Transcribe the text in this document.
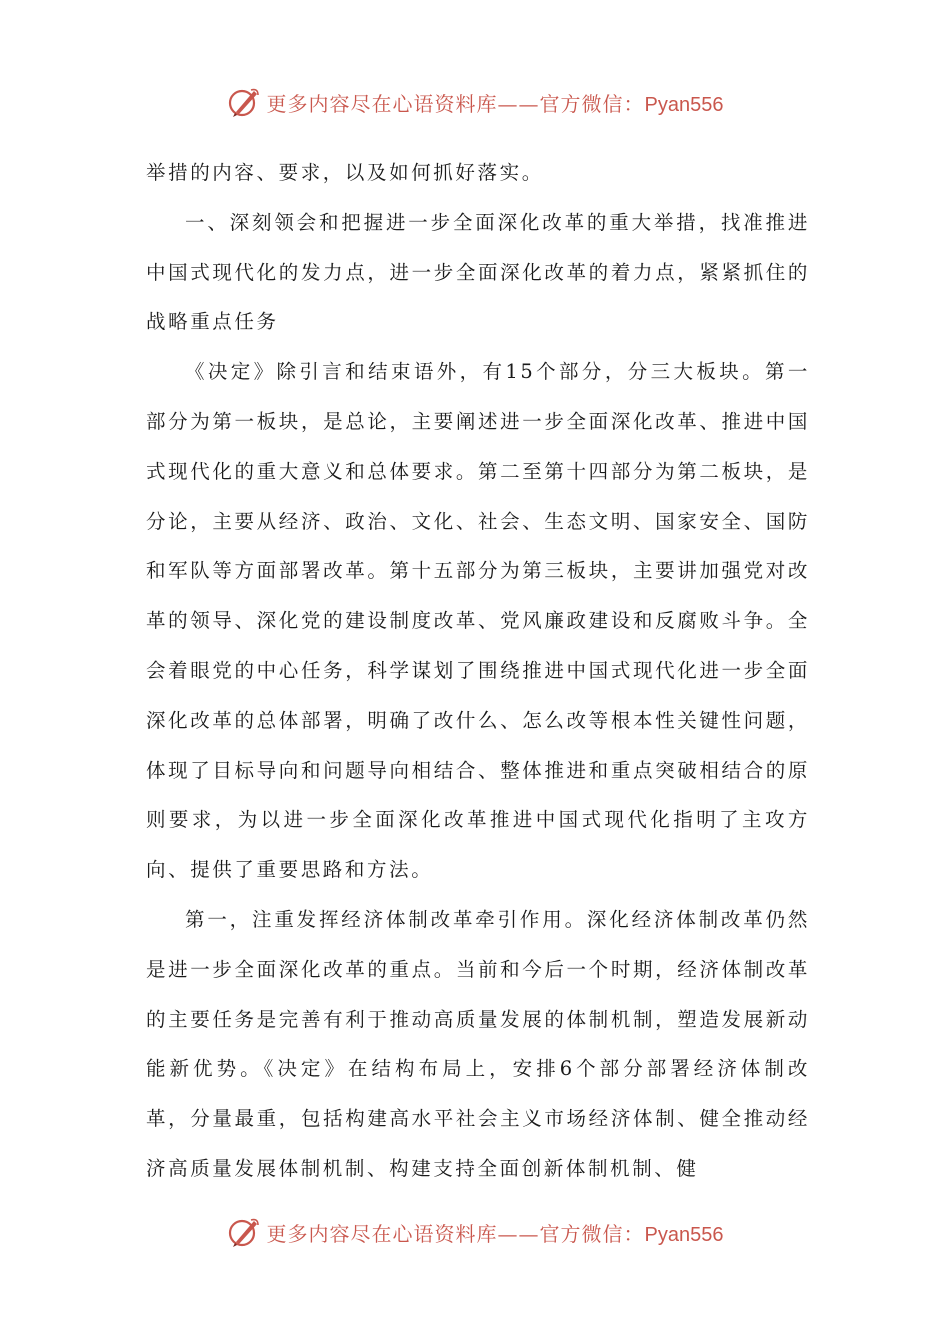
更多内容尽在心语资料库——官方微信：Pyan556

举措的内容、要求，以及如何抓好落实。

一、深刻领会和把握进一步全面深化改革的重大举措，找准推进中国式现代化的发力点，进一步全面深化改革的着力点，紧紧抓住的战略重点任务

《决定》除引言和结束语外，有15个部分，分三大板块。第一部分为第一板块，是总论，主要阐述进一步全面深化改革、推进中国式现代化的重大意义和总体要求。第二至第十四部分为第二板块，是分论，主要从经济、政治、文化、社会、生态文明、国家安全、国防和军队等方面部署改革。第十五部分为第三板块，主要讲加强党对改革的领导、深化党的建设制度改革、党风廉政建设和反腐败斗争。全会着眼党的中心任务，科学谋划了围绕推进中国式现代化进一步全面深化改革的总体部署，明确了改什么、怎么改等根本性关键性问题，体现了目标导向和问题导向相结合、整体推进和重点突破相结合的原则要求，为以进一步全面深化改革推进中国式现代化指明了主攻方向、提供了重要思路和方法。

第一，注重发挥经济体制改革牵引作用。深化经济体制改革仍然是进一步全面深化改革的重点。当前和今后一个时期，经济体制改革的主要任务是完善有利于推动高质量发展的体制机制，塑造发展新动能新优势。《决定》在结构布局上，安排6个部分部署经济体制改革，分量最重，包括构建高水平社会主义市场经济体制、健全推动经济高质量发展体制机制、构建支持全面创新体制机制、健

更多内容尽在心语资料库——官方微信：Pyan556
